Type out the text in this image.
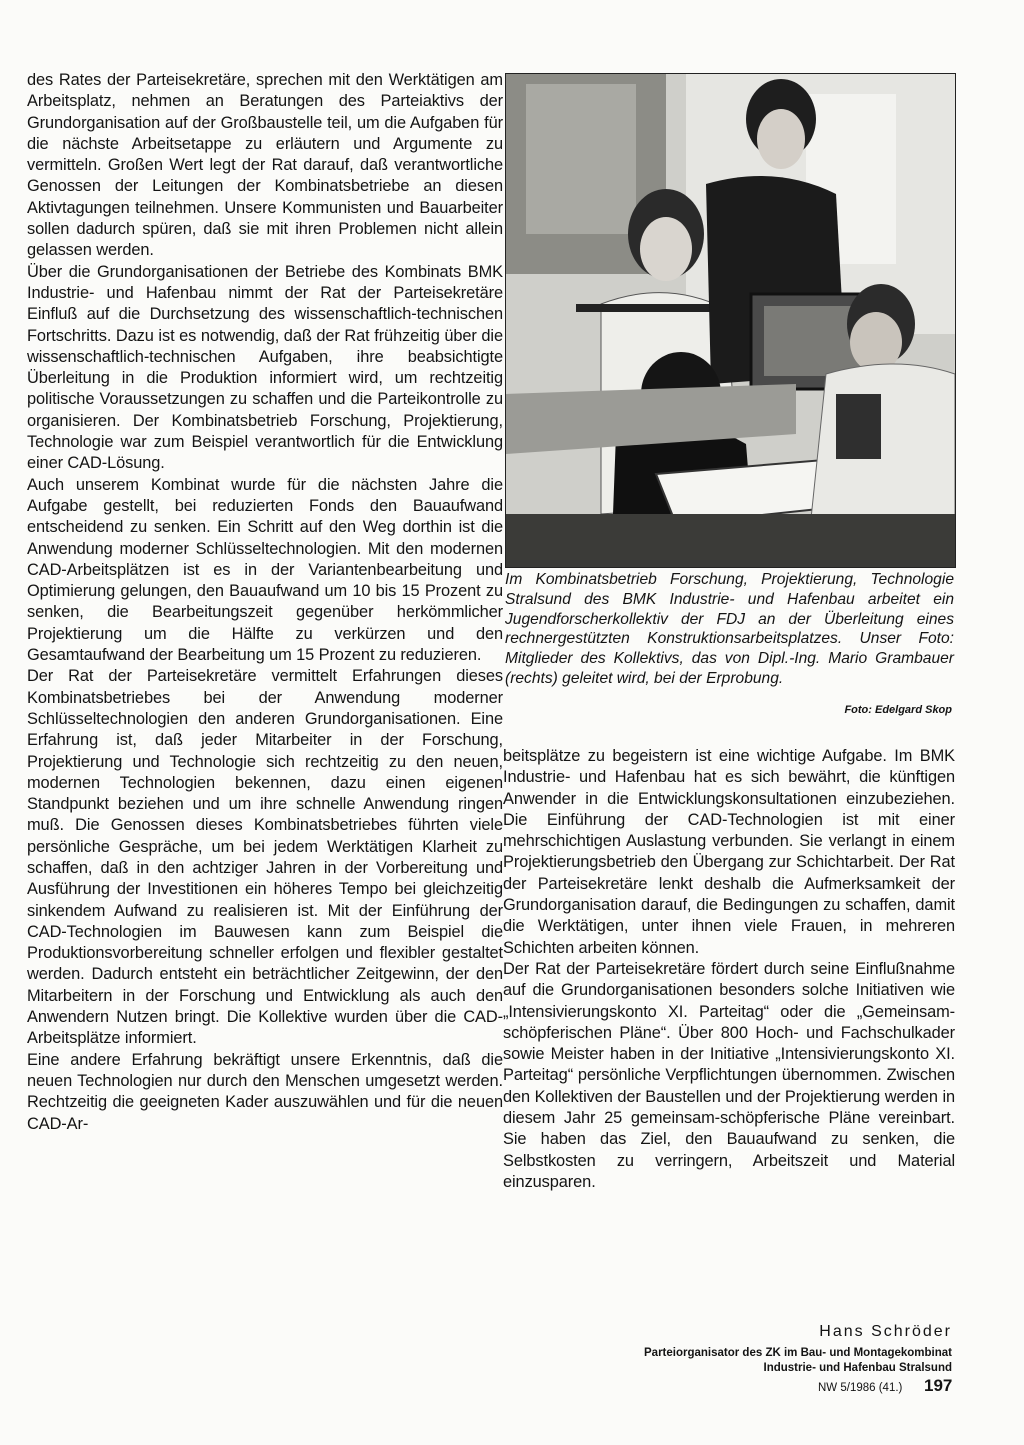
des Rates der Parteisekretäre, sprechen mit den Werktätigen am Arbeitsplatz, nehmen an Beratungen des Parteiaktivs der Grundorganisation auf der Großbaustelle teil, um die Aufgaben für die nächste Arbeitsetappe zu erläutern und Argumente zu vermitteln. Großen Wert legt der Rat darauf, daß verantwortliche Genossen der Leitungen der Kombinatsbetriebe an diesen Aktivtagungen teilnehmen. Unsere Kommunisten und Bauarbeiter sollen dadurch spüren, daß sie mit ihren Problemen nicht allein gelassen werden.

Über die Grundorganisationen der Betriebe des Kombinats BMK Industrie- und Hafenbau nimmt der Rat der Parteisekretäre Einfluß auf die Durchsetzung des wissenschaftlich-technischen Fortschritts. Dazu ist es notwendig, daß der Rat frühzeitig über die wissenschaftlich-technischen Aufgaben, ihre beabsichtigte Überleitung in die Produktion informiert wird, um rechtzeitig politische Voraussetzungen zu schaffen und die Parteikontrolle zu organisieren. Der Kombinatsbetrieb Forschung, Projektierung, Technologie war zum Beispiel verantwortlich für die Entwicklung einer CAD-Lösung.

Auch unserem Kombinat wurde für die nächsten Jahre die Aufgabe gestellt, bei reduzierten Fonds den Bauaufwand entscheidend zu senken. Ein Schritt auf den Weg dorthin ist die Anwendung moderner Schlüsseltechnologien. Mit den modernen CAD-Arbeitsplätzen ist es in der Variantenbearbeitung und Optimierung gelungen, den Bauaufwand um 10 bis 15 Prozent zu senken, die Bearbeitungszeit gegenüber herkömmlicher Projektierung um die Hälfte zu verkürzen und den Gesamtaufwand der Bearbeitung um 15 Prozent zu reduzieren.

Der Rat der Parteisekretäre vermittelt Erfahrungen dieses Kombinatsbetriebes bei der Anwendung moderner Schlüsseltechnologien den anderen Grundorganisationen. Eine Erfahrung ist, daß jeder Mitarbeiter in der Forschung, Projektierung und Technologie sich rechtzeitig zu den neuen, modernen Technologien bekennen, dazu einen eigenen Standpunkt beziehen und um ihre schnelle Anwendung ringen muß. Die Genossen dieses Kombinatsbetriebes führten viele persönliche Gespräche, um bei jedem Werktätigen Klarheit zu schaffen, daß in den achtziger Jahren in der Vorbereitung und Ausführung der Investitionen ein höheres Tempo bei gleichzeitig sinkendem Aufwand zu realisieren ist. Mit der Einführung der CAD-Technologien im Bauwesen kann zum Beispiel die Produktionsvorbereitung schneller erfolgen und flexibler gestaltet werden. Dadurch entsteht ein beträchtlicher Zeitgewinn, der den Mitarbeitern in der Forschung und Entwicklung als auch den Anwendern Nutzen bringt. Die Kollektive wurden über die CAD-Arbeitsplätze informiert.

Eine andere Erfahrung bekräftigt unsere Erkenntnis, daß die neuen Technologien nur durch den Menschen umgesetzt werden. Rechtzeitig die geeigneten Kader auszuwählen und für die neuen CAD-Ar-

Im Kombinatsbetrieb Forschung, Projektierung, Technologie Stralsund des BMK Industrie- und Hafenbau arbeitet ein Jugendforscherkollektiv der FDJ an der Überleitung eines rechnergestützten Konstruktionsarbeitsplatzes. Unser Foto: Mitglieder des Kollektivs, das von Dipl.-Ing. Mario Grambauer (rechts) geleitet wird, bei der Erprobung.
Foto: Edelgard Skop

beitsplätze zu begeistern ist eine wichtige Aufgabe. Im BMK Industrie- und Hafenbau hat es sich bewährt, die künftigen Anwender in die Entwicklungskonsultationen einzubeziehen. Die Einführung der CAD-Technologien ist mit einer mehrschichtigen Auslastung verbunden. Sie verlangt in einem Projektierungsbetrieb den Übergang zur Schichtarbeit. Der Rat der Parteisekretäre lenkt deshalb die Aufmerksamkeit der Grundorganisation darauf, die Bedingungen zu schaffen, damit die Werktätigen, unter ihnen viele Frauen, in mehreren Schichten arbeiten können.

Der Rat der Parteisekretäre fördert durch seine Einflußnahme auf die Grundorganisationen besonders solche Initiativen wie „Intensivierungskonto XI. Parteitag“ oder die „Gemeinsam-schöpferischen Pläne“. Über 800 Hoch- und Fachschulkader sowie Meister haben in der Initiative „Intensivierungskonto XI. Parteitag“ persönliche Verpflichtungen übernommen. Zwischen den Kollektiven der Baustellen und der Projektierung werden in diesem Jahr 25 gemeinsam-schöpferische Pläne vereinbart. Sie haben das Ziel, den Bauaufwand zu senken, die Selbstkosten zu verringern, Arbeitszeit und Material einzusparen.

Hans Schröder
Parteiorganisator des ZK im Bau- und Montagekombinat
Industrie- und Hafenbau Stralsund
NW 5/1986 (41.) 197
